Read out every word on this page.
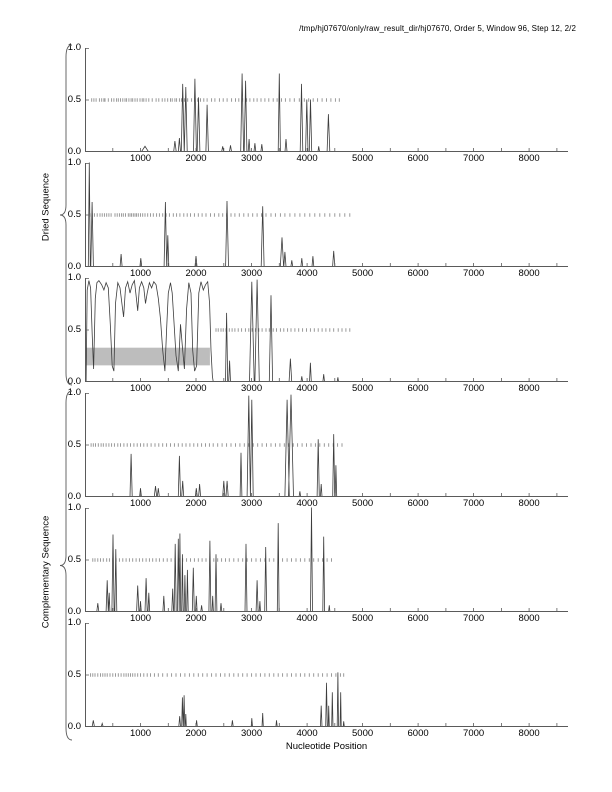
/tmp/hj07670/only/raw_result_dir/hj07670, Order 5, Window 96, Step 12, 2/2
0.0
0.5
1.0
1000	2000	3000	4000	5000	6000	7000	8000
0.0
0.5
1.0
1000	2000	3000	4000	5000	6000	7000	8000
0.0
0.5
1.0
1000	2000	3000	4000	5000	6000	7000	8000
0.0
0.5
1.0
1000	2000	3000	4000	5000	6000	7000	8000
0.0
0.5
1.0
1000	2000	3000	4000	5000	6000	7000	8000
0.0
0.5
1.0
1000	2000	3000	4000	5000	6000	7000	8000
Dried Sequence
Complementary Sequence
Nucleotide Position
